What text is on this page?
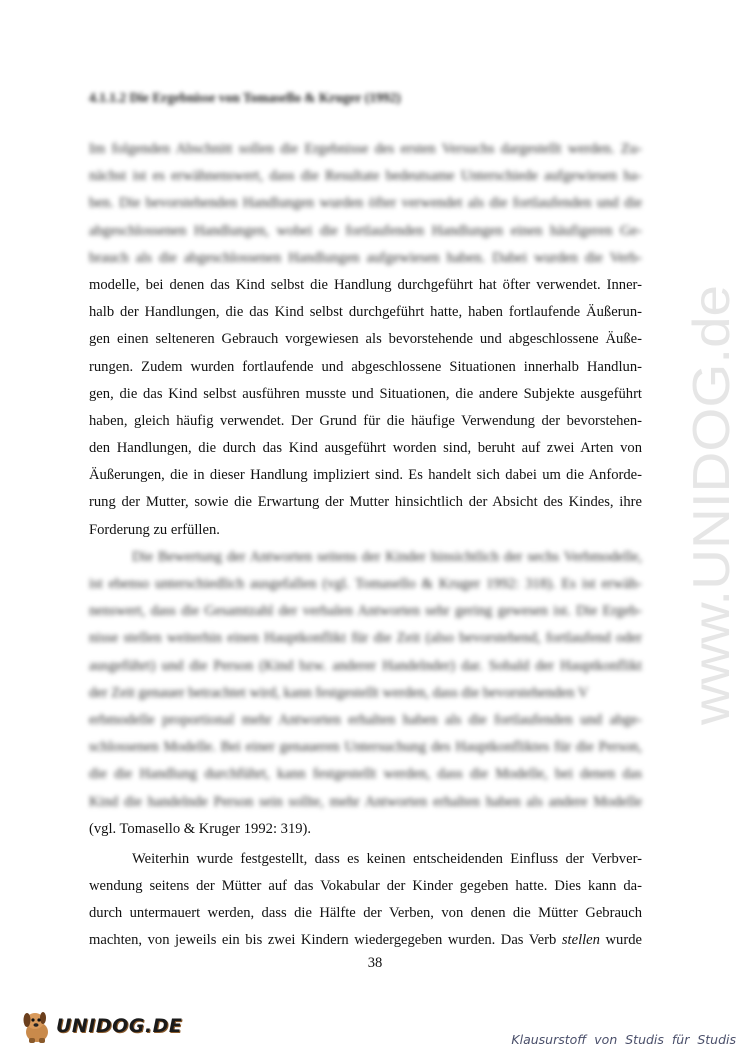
4.1.1.2 Die Ergebnisse von Tomasello & Kruger (1992)
Im folgenden Abschnitt sollen die Ergebnisse des ersten Versuchs dargestellt werden. Zu-
nächst ist es erwähnenswert, dass die Resultate bedeutsame Unterschiede aufgewiesen ha-
ben. Die bevorstehenden Handlungen wurden öfter verwendet als die fortlaufenden und die
abgeschlossenen Handlungen, wobei die fortlaufenden Handlungen einen häufigeren Ge-
brauch als die abgeschlossenen Handlungen aufgewiesen haben. Dabei wurden die Verb-
modelle, bei denen das Kind selbst die Handlung durchgeführt hat öfter verwendet. Inner-
halb der Handlungen, die das Kind selbst durchgeführt hatte, haben fortlaufende Äußerun-
gen einen selteneren Gebrauch vorgewiesen als bevorstehende und abgeschlossene Äuße-
rungen. Zudem wurden fortlaufende und abgeschlossene Situationen innerhalb Handlun-
gen, die das Kind selbst ausführen musste und Situationen, die andere Subjekte ausgeführt
haben, gleich häufig verwendet. Der Grund für die häufige Verwendung der bevorstehen-
den Handlungen, die durch das Kind ausgeführt worden sind, beruht auf zwei Arten von
Äußerungen, die in dieser Handlung impliziert sind. Es handelt sich dabei um die Anforde-
rung der Mutter, sowie die Erwartung der Mutter hinsichtlich der Absicht des Kindes, ihre
Forderung zu erfüllen.
Die Bewertung der Antworten seitens der Kinder hinsichtlich der sechs Verbmodelle,
ist ebenso unterschiedlich ausgefallen (vgl. Tomasello & Kruger 1992: 318). Es ist erwäh-
nenswert, dass die Gesamtzahl der verbalen Antworten sehr gering gewesen ist. Die Ergeb-
nisse stellen weiterhin einen Hauptkonflikt für die Zeit (also bevorstehend, fortlaufend oder
ausgeführt) und die Person (Kind bzw. anderer Handelnder) dar. Sobald der Hauptkonflikt
der Zeit genauer betrachtet wird, kann festgestellt werden, dass die bevorstehenden V
erbmodelle proportional mehr Antworten erhalten haben als die fortlaufenden und abge-
schlossenen Modelle. Bei einer genaueren Untersuchung des Hauptkonfliktes für die Person,
die die Handlung durchführt, kann festgestellt werden, dass die Modelle, bei denen das
Kind die handelnde Person sein sollte, mehr Antworten erhalten haben als andere Modelle
(vgl. Tomasello & Kruger 1992: 319).
Weiterhin wurde festgestellt, dass es keinen entscheidenden Einfluss der Verbver-
wendung seitens der Mütter auf das Vokabular der Kinder gegeben hatte. Dies kann da-
durch untermauert werden, dass die Hälfte der Verben, von denen die Mütter Gebrauch
machten, von jeweils ein bis zwei Kindern wiedergegeben wurden. Das Verb stellen wurde
38
www.UNIDOG.de
UNIDOG.DE
Klausurstoff von Studis für Studis
